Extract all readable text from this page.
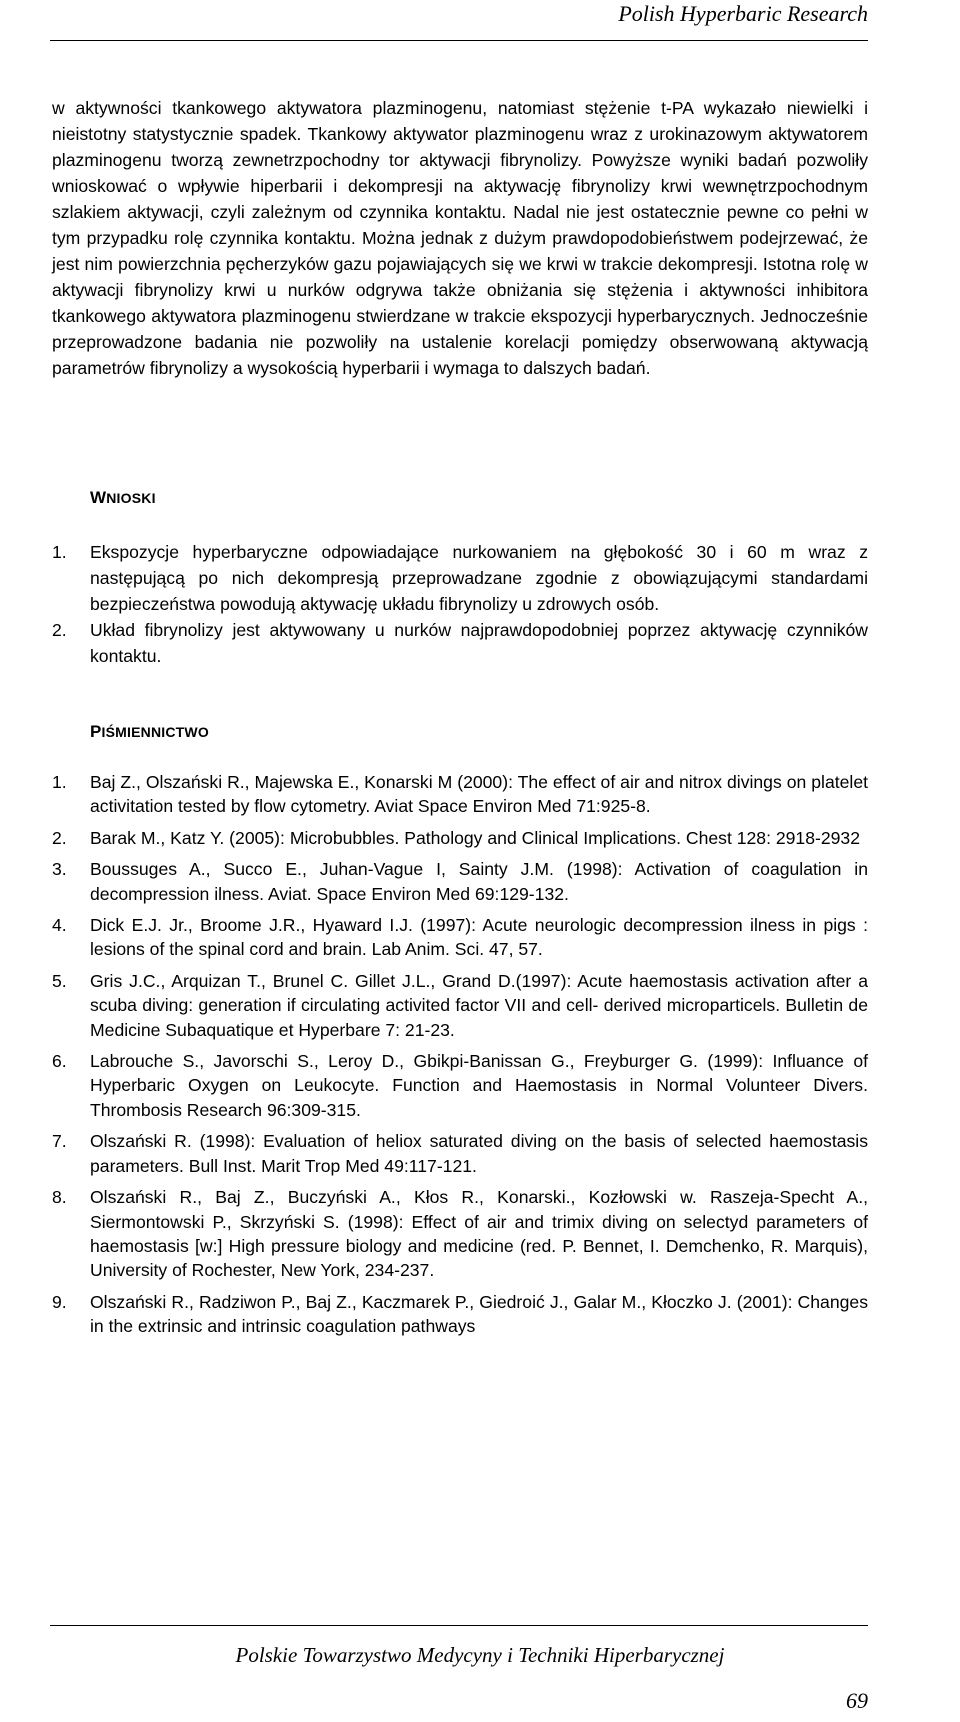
Polish Hyperbaric Research

w aktywności tkankowego aktywatora plazminogenu, natomiast stężenie t-PA wykazało niewielki i nieistotny statystycznie spadek. Tkankowy aktywator plazminogenu wraz z urokinazowym aktywatorem plazminogenu tworzą zewnetrzpochodny tor aktywacji fibrynolizy. Powyższe wyniki badań pozwoliły wnioskować o wpływie hiperbarii i dekompresji na aktywację fibrynolizy krwi wewnętrzpochodnym szlakiem aktywacji, czyli zależnym od czynnika kontaktu. Nadal nie jest ostatecznie pewne co pełni w tym przypadku rolę czynnika kontaktu. Można jednak z dużym prawdopodobieństwem podejrzewać, że jest nim powierzchnia pęcherzyków gazu pojawiających się we krwi w trakcie dekompresji. Istotna rolę w aktywacji fibrynolizy krwi u nurków odgrywa także obniżania się stężenia i aktywności inhibitora tkankowego aktywatora plazminogenu stwierdzane w trakcie ekspozycji hyperbarycznych. Jednocześnie przeprowadzone badania nie pozwoliły na ustalenie korelacji pomiędzy obserwowaną aktywacją parametrów fibrynolizy a wysokością hyperbarii i wymaga to dalszych badań.

WNIOSKI
1. Ekspozycje hyperbaryczne odpowiadające nurkowaniem na głębokość 30 i 60 m wraz z następującą po nich dekompresją przeprowadzane zgodnie z obowiązującymi standardami bezpieczeństwa powodują aktywację układu fibrynolizy u zdrowych osób.
2. Układ fibrynolizy jest aktywowany u nurków najprawdopodobniej poprzez aktywację czynników kontaktu.
PIŚMIENNICTWO
1. Baj Z., Olszański R., Majewska E., Konarski M (2000): The effect of air and nitrox divings on platelet activitation tested by flow cytometry. Aviat Space Environ Med 71:925-8.
2. Barak M., Katz Y. (2005): Microbubbles. Pathology and Clinical Implications. Chest 128: 2918-2932
3. Boussuges A., Succo E., Juhan-Vague I, Sainty J.M. (1998): Activation of coagulation in decompression ilness. Aviat. Space Environ Med 69:129-132.
4. Dick E.J. Jr., Broome J.R., Hyaward I.J. (1997): Acute neurologic decompression ilness in pigs : lesions of the spinal cord and brain. Lab Anim. Sci. 47, 57.
5. Gris J.C., Arquizan T., Brunel C. Gillet J.L., Grand D.(1997): Acute haemostasis activation after a scuba diving: generation if circulating activited factor VII and cell- derived microparticels. Bulletin de Medicine Subaquatique et Hyperbare 7: 21-23.
6. Labrouche S., Javorschi S., Leroy D., Gbikpi-Banissan G., Freyburger G. (1999): Influance of Hyperbaric Oxygen on Leukocyte. Function and Haemostasis in Normal Volunteer Divers. Thrombosis Research 96:309-315.
7. Olszański R. (1998): Evaluation of heliox saturated diving on the basis of selected haemostasis parameters. Bull Inst. Marit Trop Med 49:117-121.
8. Olszański R., Baj Z., Buczyński A., Kłos R., Konarski., Kozłowski w. Raszeja-Specht A., Siermontowski P., Skrzyński S. (1998): Effect of air and trimix diving on selectyd parameters of haemostasis [w:] High pressure biology and medicine (red. P. Bennet, I. Demchenko, R. Marquis), University of Rochester, New York, 234-237.
9. Olszański R., Radziwon P., Baj Z., Kaczmarek P., Giedroić J., Galar M., Kłoczko J. (2001): Changes in the extrinsic and intrinsic coagulation pathways
Polskie Towarzystwo Medycyny i Techniki Hiperbarycznej
69
